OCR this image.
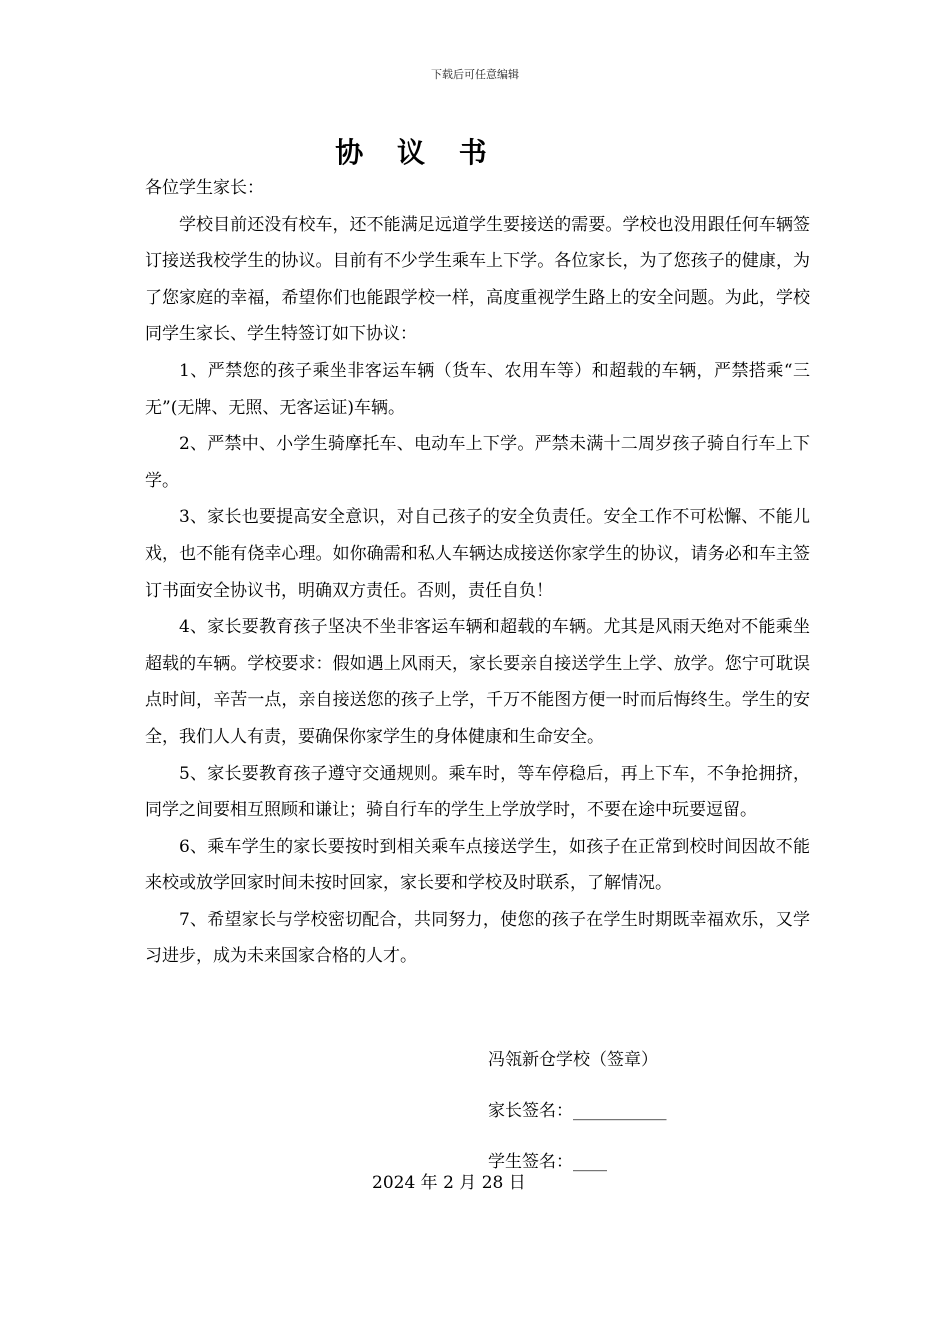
下载后可任意编辑
协 议 书

各位学生家长：

学校目前还没有校车，还不能满足远道学生要接送的需要。学校也没用跟任何车辆签订接送我校学生的协议。目前有不少学生乘车上下学。各位家长，为了您孩子的健康，为了您家庭的幸福，希望你们也能跟学校一样，高度重视学生路上的安全问题。为此，学校同学生家长、学生特签订如下协议：

1、严禁您的孩子乘坐非客运车辆（货车、农用车等）和超载的车辆，严禁搭乘“三无”(无牌、无照、无客运证)车辆。

2、严禁中、小学生骑摩托车、电动车上下学。严禁未满十二周岁孩子骑自行车上下学。

3、家长也要提高安全意识，对自己孩子的安全负责任。安全工作不可松懈、不能儿戏，也不能有侥幸心理。如你确需和私人车辆达成接送你家学生的协议，请务必和车主签订书面安全协议书，明确双方责任。否则，责任自负！

4、家长要教育孩子坚决不坐非客运车辆和超载的车辆。尤其是风雨天绝对不能乘坐超载的车辆。学校要求：假如遇上风雨天，家长要亲自接送学生上学、放学。您宁可耽误点时间，辛苦一点，亲自接送您的孩子上学，千万不能图方便一时而后悔终生。学生的安全，我们人人有责，要确保你家学生的身体健康和生命安全。

5、家长要教育孩子遵守交通规则。乘车时，等车停稳后，再上下车，不争抢拥挤，同学之间要相互照顾和谦让；骑自行车的学生上学放学时，不要在途中玩要逗留。

6、乘车学生的家长要按时到相关乘车点接送学生，如孩子在正常到校时间因故不能来校或放学回家时间未按时回家，家长要和学校及时联系，了解情况。

7、希望家长与学校密切配合，共同努力，使您的孩子在学生时期既幸福欢乐，又学习进步，成为未来国家合格的人才。

冯瓴新仓学校（签章）
家长签名：___________
学生签名：____
2024 年 2 月 28 日
